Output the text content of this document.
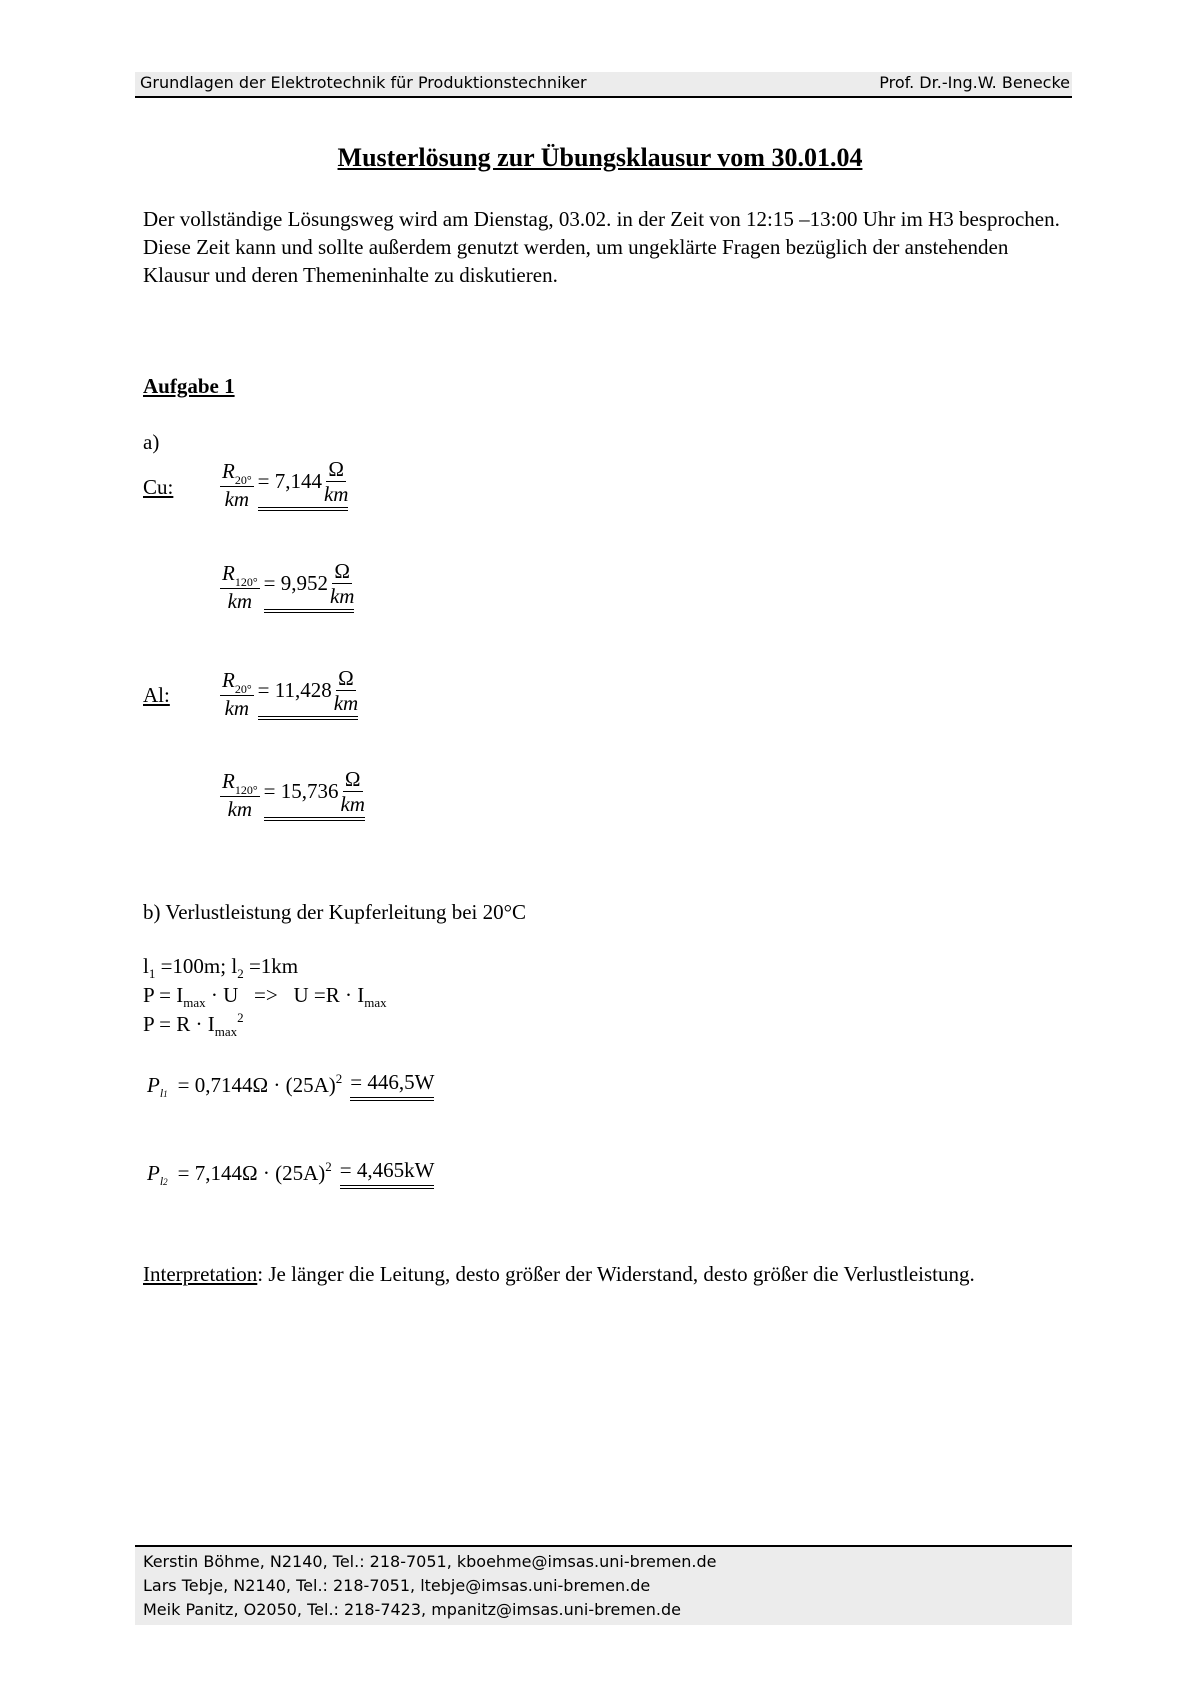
Grundlagen der Elektrotechnik für Produktionstechniker	Prof. Dr.-Ing.W. Benecke
Musterlösung zur Übungsklausur vom 30.01.04
Der vollständige Lösungsweg wird am Dienstag, 03.02. in der Zeit von 12:15 –13:00 Uhr im H3 besprochen. Diese Zeit kann und sollte außerdem genutzt werden, um ungeklärte Fragen bezüglich der anstehenden Klausur und deren Themeninhalte zu diskutieren.
Aufgabe 1
a)
Cu: $\frac{R_{20^\circ}}{km} = 7,144 \frac{\Omega}{km}$
$\frac{R_{120^\circ}}{km} = 9,952 \frac{\Omega}{km}$
Al: $\frac{R_{20^\circ}}{km} = 11,428 \frac{\Omega}{km}$
$\frac{R_{120^\circ}}{km} = 15,736 \frac{\Omega}{km}$
b) Verlustleistung der Kupferleitung bei 20°C
$l_1 =100m$; $l_2 =1km$
$P = I_{max} \cdot U => U =R \cdot I_{max}$
$P = R \cdot I_{max}^2$
$P_{l1} = 0,7144\Omega \cdot (25A)^2 = 446,5W$
$P_{l2} = 7,144\Omega \cdot (25A)^2 = 4,465kW$
Interpretation: Je länger die Leitung, desto größer der Widerstand, desto größer die Verlustleistung.
Kerstin Böhme, N2140, Tel.: 218-7051, kboehme@imsas.uni-bremen.de
Lars Tebje, N2140, Tel.: 218-7051, ltebje@imsas.uni-bremen.de
Meik Panitz, O2050, Tel.: 218-7423, mpanitz@imsas.uni-bremen.de
